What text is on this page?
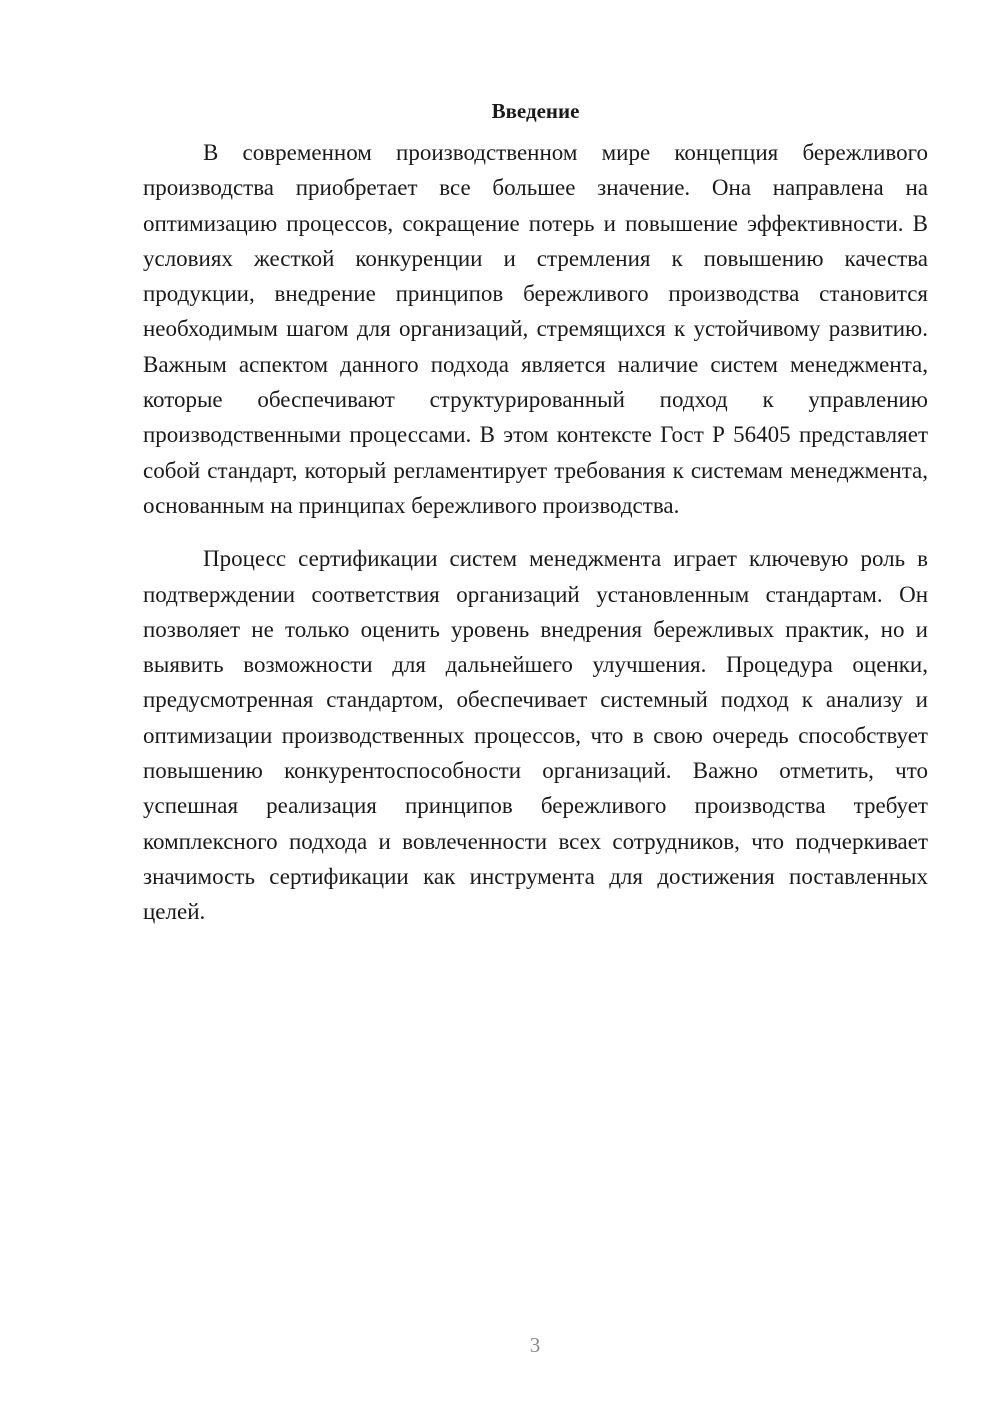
Введение

В современном производственном мире концепция бережливого производства приобретает все большее значение. Она направлена на оптимизацию процессов, сокращение потерь и повышение эффективности. В условиях жесткой конкуренции и стремления к повышению качества продукции, внедрение принципов бережливого производства становится необходимым шагом для организаций, стремящихся к устойчивому развитию. Важным аспектом данного подхода является наличие систем менеджмента, которые обеспечивают структурированный подход к управлению производственными процессами. В этом контексте Гост Р 56405 представляет собой стандарт, который регламентирует требования к системам менеджмента, основанным на принципах бережливого производства.

Процесс сертификации систем менеджмента играет ключевую роль в подтверждении соответствия организаций установленным стандартам. Он позволяет не только оценить уровень внедрения бережливых практик, но и выявить возможности для дальнейшего улучшения. Процедура оценки, предусмотренная стандартом, обеспечивает системный подход к анализу и оптимизации производственных процессов, что в свою очередь способствует повышению конкурентоспособности организаций. Важно отметить, что успешная реализация принципов бережливого производства требует комплексного подхода и вовлеченности всех сотрудников, что подчеркивает значимость сертификации как инструмента для достижения поставленных целей.

3
